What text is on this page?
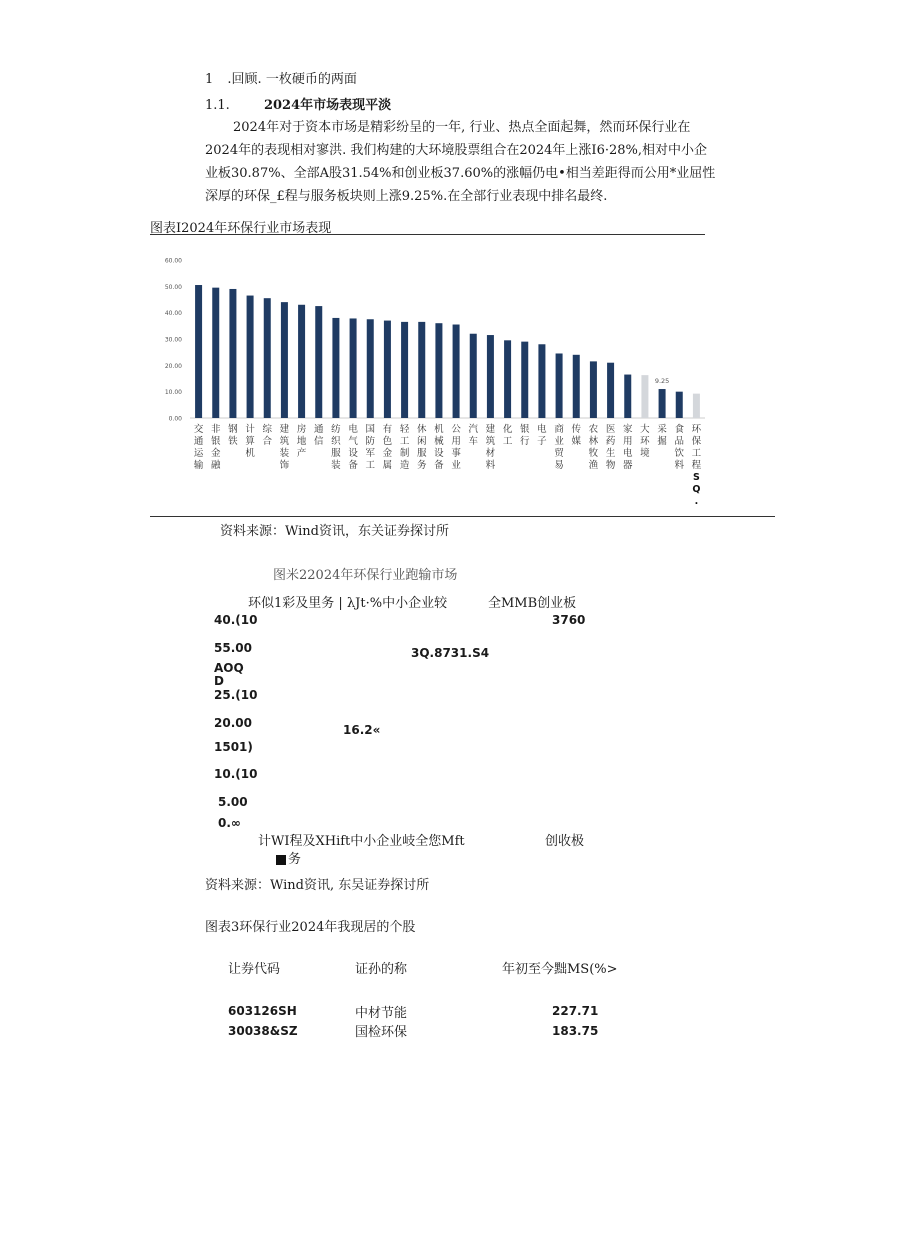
1 .回顾. 一枚硬币的两面
1.1.	2024年市场表现平淡
2024年对于资本市场是精彩纷呈的一年, 行业、热点全面起舞，然而环保行业在
2024年的表现相对寥洪. 我们构建的大环境股票组合在2024年上涨I6·28%,相对中小企
业板30.87%、全部A股31.54%和创业板37.60%的涨幅仍电•相当差距得而公用*业屈性
深厚的环保_£程与服务板块则上涨9.25%.在全部行业表现中排名最终.
图表I2024年环保行业市场表现
60.00
50.00
40.00
30.00
20.00
10.00
0.00
交
通
运
输
非
银
金
融
钢
铁
计
算
机
综
合
建
筑
装
饰
房
地
产
通
信
纺
织
服
装
电
气
设
备
国
防
军
工
有
色
金
属
轻
工
制
造
休
闲
服
务
机
械
设
备
公
用
事
业
汽
车
建
筑
材
料
化
工
银
行
电
子
商
业
贸
易
传
媒
农
林
牧
渔
医
药
生
物
家
用
电
器
大
环
境
采
掘
食
品
饮
料
环
保
工
程
S
Q
.
9.25
资料来源：Wind资讯，东关证券探讨所
图米22024年环保行业跑输市场
环似1彩及里务 | λJt·%中小企业较	全MMB创业板
40.(10
55.00
AOQ
D
25.(10
20.00
1501)
10.(10
5.00
0.∞
3760
3Q.8731.S4
16.2«
计WI程及XHift中小企业岐全您Mft
务
创收极
资料来源：Wind资讯, 东吴证券探讨所
图表3环保行业2024年我现居的个股
让券代码	证孙的称	年初至今黜MS(%>
603126SH	中材节能	227.71
30038&SZ	国检环保	183.75
